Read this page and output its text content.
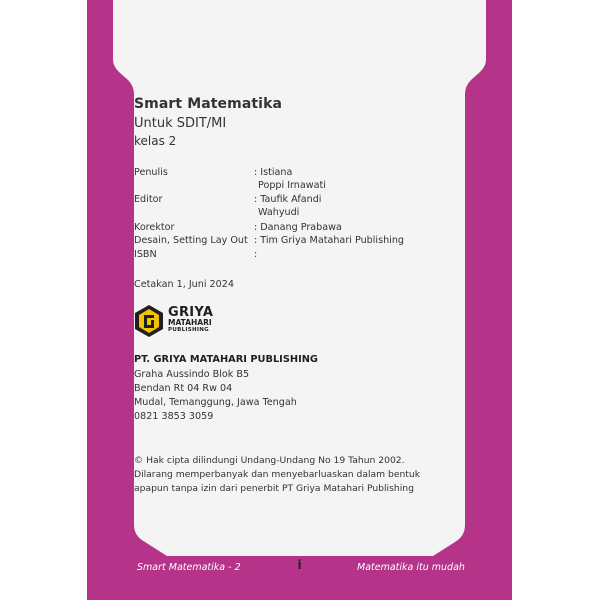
Smart Matematika
Untuk SDIT/MI
kelas 2
Penulis	: Istiana
Poppi Irnawati
Editor	: Taufik Afandi
Wahyudi
Korektor	: Danang Prabawa
Desain, Setting Lay Out : Tim Griya Matahari Publishing
ISBN	:
Cetakan 1, Juni 2024
GRIYA
MATAHARI
PUBLISHING
PT. GRIYA MATAHARI PUBLISHING
Graha Aussindo Blok B5
Bendan Rt 04 Rw 04
Mudal, Temanggung, Jawa Tengah
0821 3853 3059
© Hak cipta dilindungi Undang-Undang No 19 Tahun 2002.
Dilarang memperbanyak dan menyebarluaskan dalam bentuk
apapun tanpa izin dari penerbit PT Griya Matahari Publishing
Smart Matematika - 2	i	Matematika itu mudah
